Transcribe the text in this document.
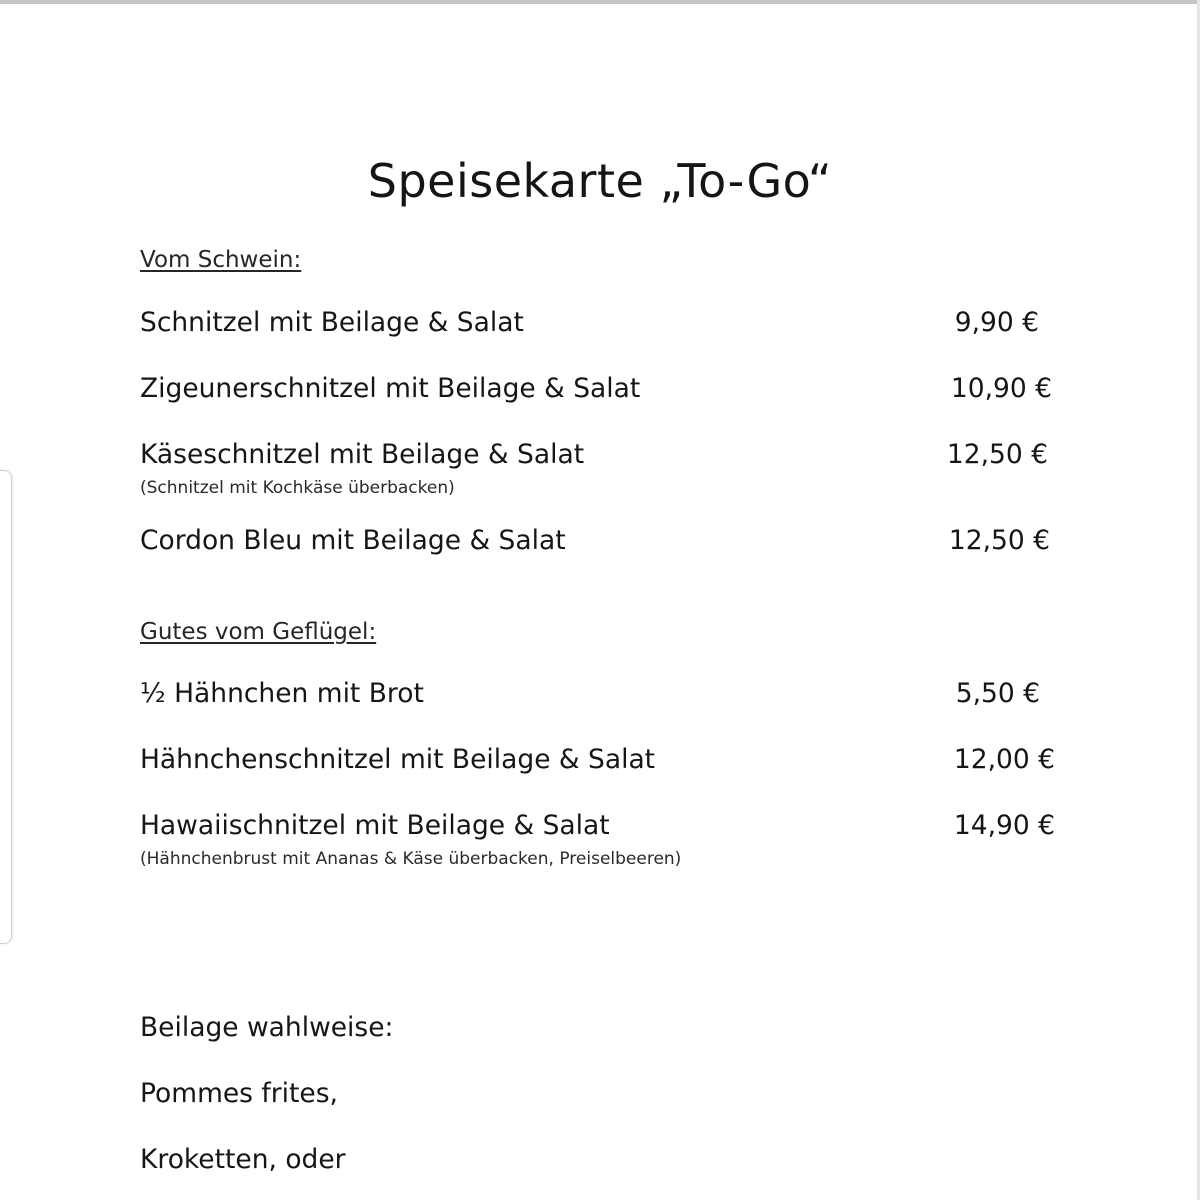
Speisekarte „To-Go“
Vom Schwein:
Schnitzel mit Beilage & Salat	9,90 €
Zigeunerschnitzel mit Beilage & Salat	10,90 €
Käseschnitzel mit Beilage & Salat	12,50 €
(Schnitzel mit Kochkäse überbacken)
Cordon Bleu mit Beilage & Salat	12,50 €
Gutes vom Geflügel:
½ Hähnchen mit Brot	5,50 €
Hähnchenschnitzel mit Beilage & Salat	12,00 €
Hawaiischnitzel mit Beilage & Salat	14,90 €
(Hähnchenbrust mit Ananas & Käse überbacken, Preiselbeeren)
Beilage wahlweise:
Pommes frites,
Kroketten, oder
